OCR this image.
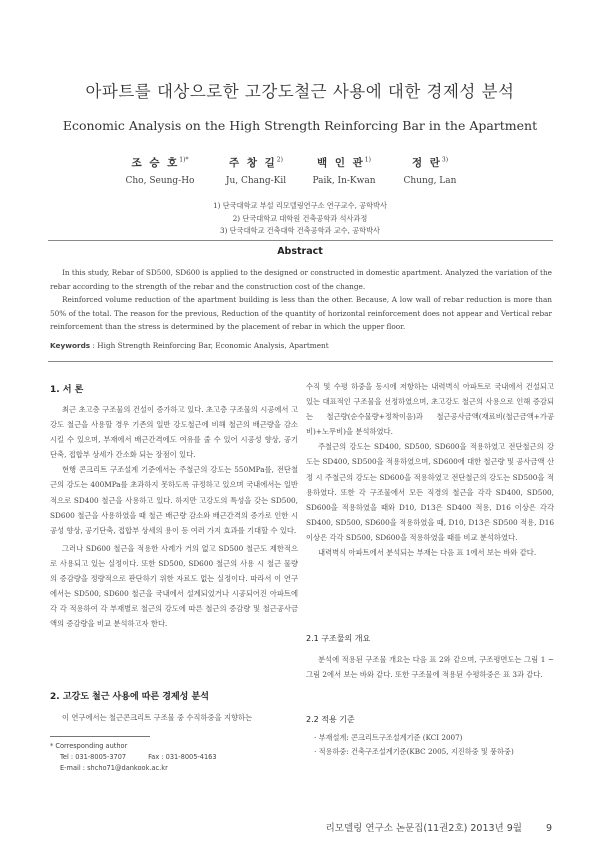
아파트를 대상으로한 고강도철근 사용에 대한 경제성 분석
Economic Analysis on the High Strength Reinforcing Bar in the Apartment
조 승 호$^{1)*}$
Cho, Seung-Ho
주 창 길$^{2)}$
Ju, Chang-Kil
백 인 관$^{1)}$
Paik, In-Kwan
정 란$^{3)}$
Chung, Lan
1) 단국대학교 부설 리모델링연구소 연구교수, 공학박사
2) 단국대학교 대학원 건축공학과 석사과정
3) 단국대학교 건축대학 건축공학과 교수, 공학박사
Abstract

In this study, Rebar of SD500, SD600 is applied to the designed or constructed in domestic apartment. Analyzed the variation of the rebar according to the strength of the rebar and the construction cost of the change.

Reinforced volume reduction of the apartment building is less than the other. Because, A low wall of rebar reduction is more than 50% of the total. The reason for the previous, Reduction of the quantity of horizontal reinforcement does not appear and Vertical rebar reinforcement than the stress is determined by the placement of rebar in which the upper floor.

Keywords : High Strength Reinforcing Bar, Economic Analysis, Apartment
1. 서 론

최근 초고층 구조물의 건설이 증가하고 있다. 초고층 구조물의 시공에서 고강도 철근을 사용할 경우 기존의 일반 강도철근에 비해 철근의 배근량을 감소시킬 수 있으며, 부재에서 배근간격에도 여유를 줄 수 있어 시공성 향상, 공기단축, 접합부 상세가 간소화 되는 장점이 있다.

현행 콘크리트 구조설계 기준에서는 주철근의 강도는 550MPa를, 전단철근의 강도는 400MPa를 초과하지 못하도록 규정하고 있으며 국내에서는 일반적으로 SD400 철근을 사용하고 있다. 하지만 고강도의 특성을 갖는 SD500, SD600 철근을 사용하였을 때 철근 배근량 감소와 배근간격의 증가로 인한 시공성 향상, 공기단축, 접합부 상세의 용이 등 여러 가지 효과를 기대할 수 있다.

그러나 SD600 철근을 적용한 사례가 거의 없고 SD500 철근도 제한적으로 사용되고 있는 실정이다. 또한 SD500, SD600 철근의 사용 시 철근 물량의 증감량을 정량적으로 판단하기 위한 자료도 없는 실정이다. 따라서 이 연구에서는 SD500, SD600 철근을 국내에서 설계되었거나 시공되어진 아파트에 각 각 적용하여 각 부재별로 철근의 강도에 따른 철근의 증감량 및 철근공사금액의 증감량을 비교 분석하고자 한다.

2. 고강도 철근 사용에 따른 경제성 분석

이 연구에서는 철근콘크리트 구조물 중 수직하중을 지향하는

* Corresponding author
Tel : 031-8005-3707	Fax : 031-8005-4163
E-mail : shcho71@dankook.ac.kr

수직 및 수평 하중을 동시에 저항하는 내력벽식 아파트로 국내에서 건설되고 있는 대표적인 구조물을 선정하였으며, 초고강도 철근의 사용으로 인해 증감되는 철근량(순수물량+정착이음)과 철근공사금액(재료비(철근금액+가공비)+노무비)을 분석하였다.

주철근의 강도는 SD400, SD500, SD600을 적용하였고 전단철근의 강도는 SD400, SD500을 적용하였으며, SD600에 대한 철근량 및 공사금액 산정 시 주철근의 강도는 SD600을 적용하였고 전단철근의 강도는 SD500을 적용하였다. 또한 각 구조물에서 모든 직경의 철근을 각각 SD400, SD500, SD600을 적용하였을 때와 D10, D13은 SD400 적용, D16 이상은 각각 SD400, SD500, SD600을 적용하였을 때, D10, D13은 SD500 적용, D16 이상은 각각 SD500, SD600을 적용하였을 때를 비교 분석하였다.

내력벽식 아파트에서 분석되는 부재는 다음 표 1에서 보는 바와 같다.

2.1 구조물의 개요

분석에 적용된 구조물 개요는 다음 표 2와 같으며, 구조평면도는 그림 1 ~ 그림 2에서 보는 바와 같다. 또한 구조물에 적용된 수평하중은 표 3과 같다.

2.2 적용 기준
· 부재설계: 콘크리트구조설계기준 (KCI 2007)
· 적용하중: 건축구조설계기준(KBC 2005, 지진하중 및 풍하중)
리모델링 연구소 논문집(11권2호) 2013년 9월	9
